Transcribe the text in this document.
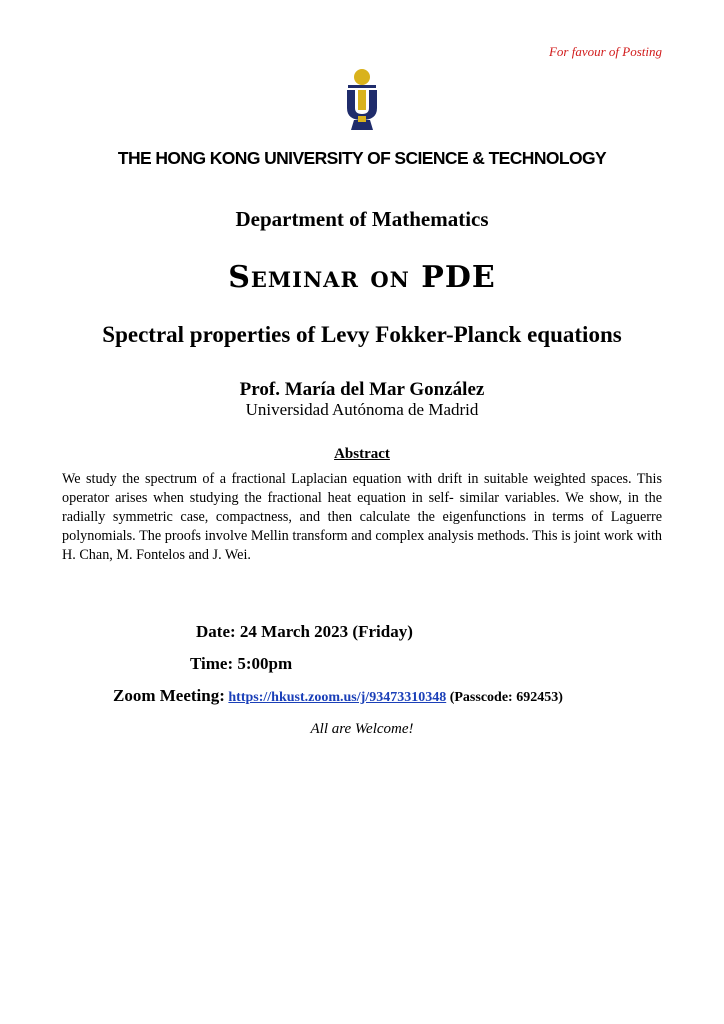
For favour of Posting
THE HONG KONG UNIVERSITY OF SCIENCE & TECHNOLOGY
Department of Mathematics
Seminar on PDE
Spectral properties of Levy Fokker-Planck equations
Prof. María del Mar González
Universidad Autónoma de Madrid
Abstract
We study the spectrum of a fractional Laplacian equation with drift in suitable weighted spaces. This operator arises when studying the fractional heat equation in self- similar variables. We show, in the radially symmetric case, compactness, and then calculate the eigenfunctions in terms of Laguerre polynomials. The proofs involve Mellin transform and complex analysis methods. This is joint work with H. Chan, M. Fontelos and J. Wei.
Date: 24 March 2023 (Friday)
Time: 5:00pm
Zoom Meeting: https://hkust.zoom.us/j/93473310348 (Passcode: 692453)
All are Welcome!
